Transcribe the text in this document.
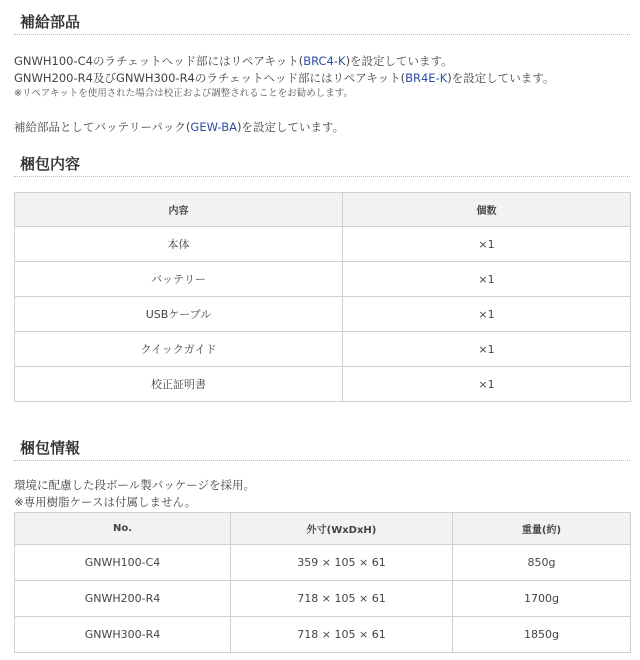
補給部品
GNWH100-C4のラチェットヘッド部にはリペアキット(BRC4-K)を設定しています。
GNWH200-R4及びGNWH300-R4のラチェットヘッド部にはリペアキット(BR4E-K)を設定しています。
※リペアキットを使用された場合は校正および調整されることをお勧めします。
補給部品としてバッテリーパック(GEW-BA)を設定しています。
梱包内容
内容	個数
本体	×1
バッテリー	×1
USBケーブル	×1
クイックガイド	×1
校正証明書	×1
梱包情報
環境に配慮した段ボール製パッケージを採用。
※専用樹脂ケースは付属しません。
No.	外寸(WxDxH)	重量(約)
GNWH100-C4	359 × 105 × 61	850g
GNWH200-R4	718 × 105 × 61	1700g
GNWH300-R4	718 × 105 × 61	1850g
